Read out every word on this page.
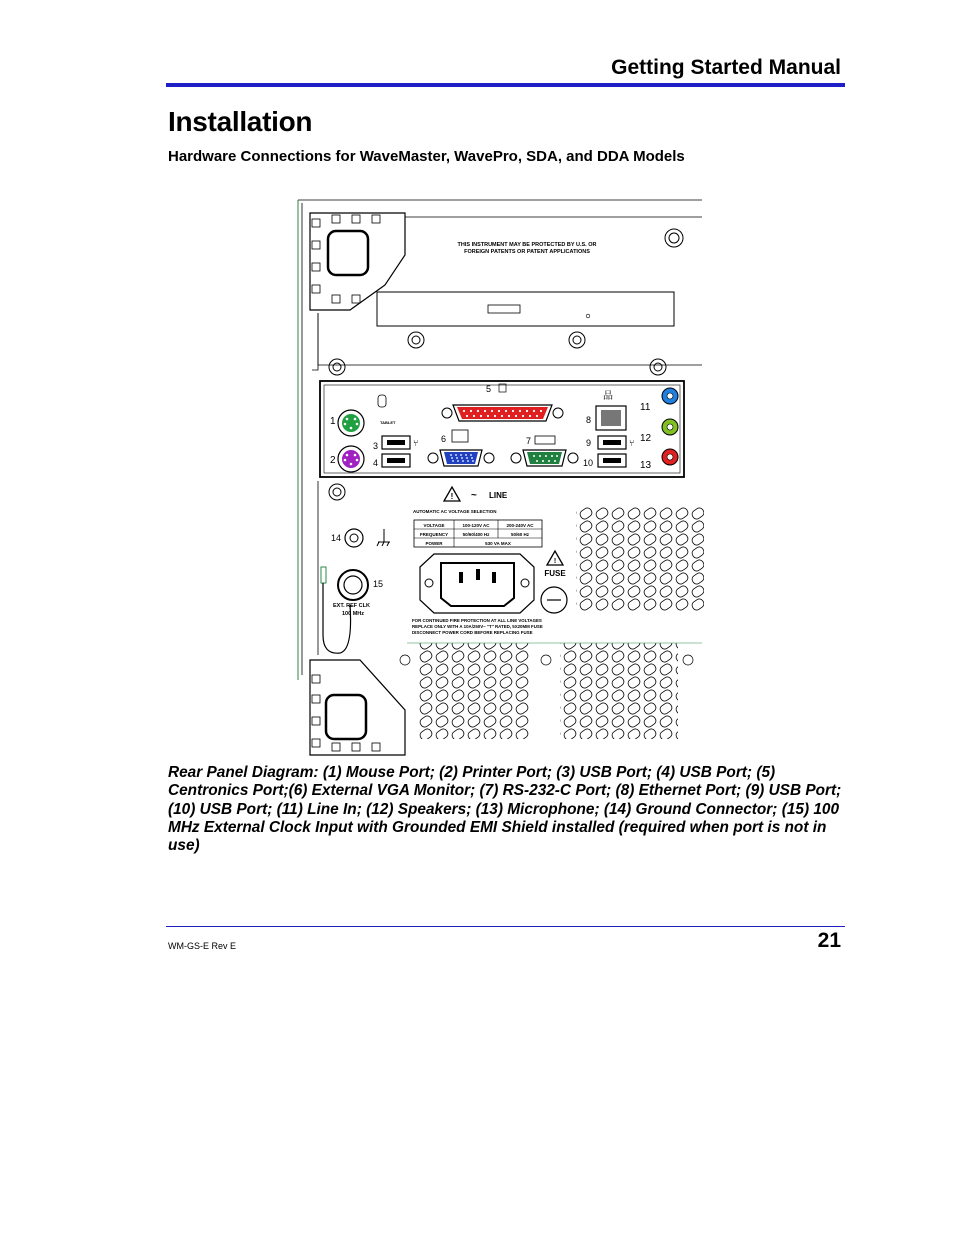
Getting Started Manual
Installation
Hardware Connections for WaveMaster, WavePro, SDA, and DDA Models
THIS INSTRUMENT MAY BE PROTECTED BY U.S. OR
FOREIGN PATENTS OR PATENT APPLICATIONS
1	TABLET
2
3
4
⑂
5
6	7
8
品
9
10
⑂
11
12
13
! ~ LINE
AUTOMATIC AC VOLTAGE SELECTION
VOLTAGE	100-120V AC	200-240V AC
FREQUENCY	50/60/400 Hz	50/60 Hz
POWER	530 VA MAX
14
15
EXT. REF CLK
100 MHz
!
FUSE
FOR CONTINUED FIRE PROTECTION AT ALL LINE VOLTAGES
REPLACE ONLY WITH A 10A/250V~ "T" RATED, 5X20MM FUSE
DISCONNECT POWER CORD BEFORE REPLACING FUSE
Rear Panel Diagram: (1) Mouse Port; (2) Printer Port; (3) USB Port; (4) USB Port; (5) Centronics Port;(6) External VGA Monitor; (7) RS-232-C Port; (8) Ethernet Port; (9) USB Port; (10) USB Port; (11) Line In; (12) Speakers; (13) Microphone; (14) Ground Connector; (15) 100 MHz External Clock Input with Grounded EMI Shield installed (required when port is not in use)
WM-GS-E Rev E	21
